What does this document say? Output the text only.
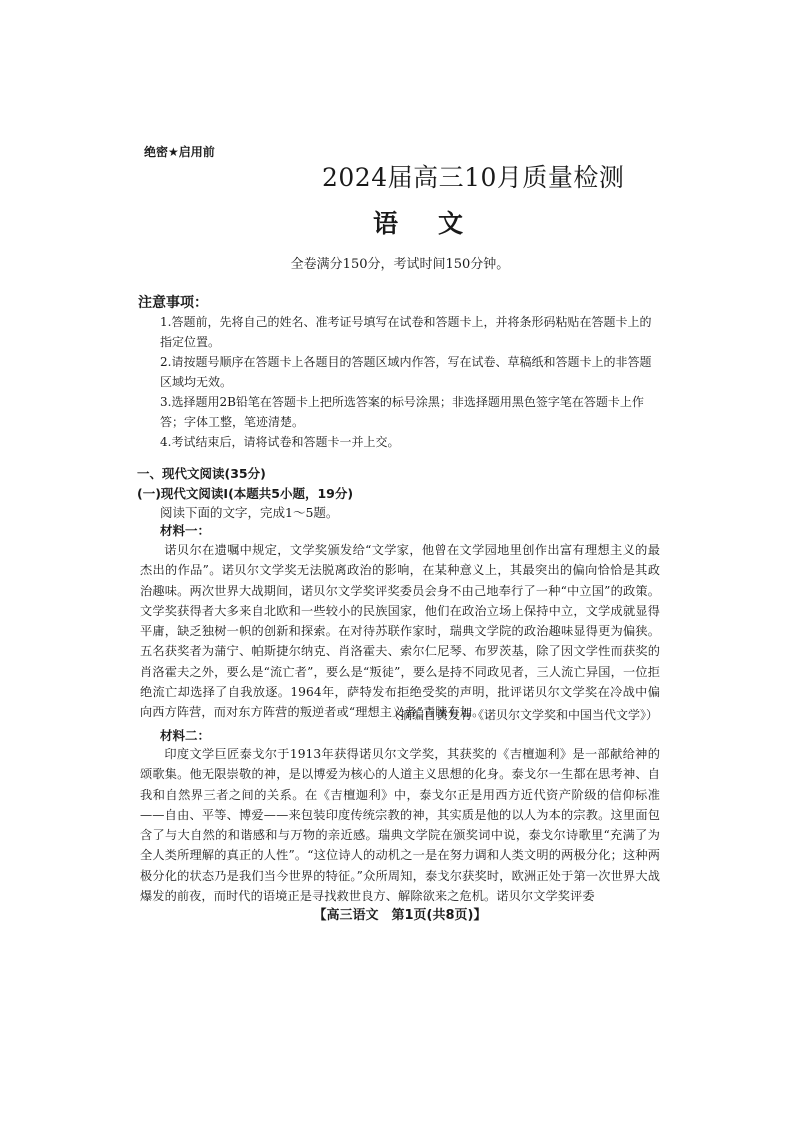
绝密★启用前
2024届高三10月质量检测
语文
全卷满分150分，考试时间150分钟。
注意事项：
1.答题前，先将自己的姓名、准考证号填写在试卷和答题卡上，并将条形码粘贴在答题卡上的指定位置。
2.请按题号顺序在答题卡上各题目的答题区域内作答，写在试卷、草稿纸和答题卡上的非答题区域均无效。
3.选择题用2B铅笔在答题卡上把所选答案的标号涂黑；非选择题用黑色签字笔在答题卡上作答；字体工整，笔迹清楚。
4.考试结束后，请将试卷和答题卡一并上交。
一、现代文阅读(35分)
(一)现代文阅读Ⅰ(本题共5小题，19分)
阅读下面的文字，完成1～5题。
材料一：

诺贝尔在遗嘱中规定，文学奖颁发给“文学家，他曾在文学园地里创作出富有理想主义的最杰出的作品”。诺贝尔文学奖无法脱离政治的影响，在某种意义上，其最突出的偏向恰恰是其政治趣味。两次世界大战期间，诺贝尔文学奖评奖委员会身不由己地奉行了一种“中立国”的政策。文学奖获得者大多来自北欧和一些较小的民族国家，他们在政治立场上保持中立，文学成就显得平庸，缺乏独树一帜的创新和探索。在对待苏联作家时，瑞典文学院的政治趣味显得更为偏狭。五名获奖者为蒲宁、帕斯捷尔纳克、肖洛霍夫、索尔仁尼琴、布罗茨基，除了因文学性而获奖的肖洛霍夫之外，要么是“流亡者”，要么是“叛徒”，要么是持不同政见者，三人流亡异国，一位拒绝流亡却选择了自我放逐。1964年，萨特发布拒绝受奖的声明，批评诺贝尔文学奖在冷战中偏向西方阵营，而对东方阵营的叛逆者或“理想主义者”青睐有加。

（摘编自黄发有《诺贝尔文学奖和中国当代文学》）
材料二：

印度文学巨匠泰戈尔于1913年获得诺贝尔文学奖，其获奖的《吉檀迦利》是一部献给神的颂歌集。他无限崇敬的神，是以博爱为核心的人道主义思想的化身。泰戈尔一生都在思考神、自我和自然界三者之间的关系。在《吉檀迦利》中，泰戈尔正是用西方近代资产阶级的信仰标准——自由、平等、博爱——来包装印度传统宗教的神，其实质是他的以人为本的宗教。这里面包含了与大自然的和谐感和与万物的亲近感。瑞典文学院在颁奖词中说，泰戈尔诗歌里“充满了为全人类所理解的真正的人性”。“这位诗人的动机之一是在努力调和人类文明的两极分化；这种两极分化的状态乃是我们当今世界的特征。”众所周知，泰戈尔获奖时，欧洲正处于第一次世界大战爆发的前夜，而时代的语境正是寻找救世良方、解除欲来之危机。诺贝尔文学奖评委

【高三语文　第1页(共8页)】
